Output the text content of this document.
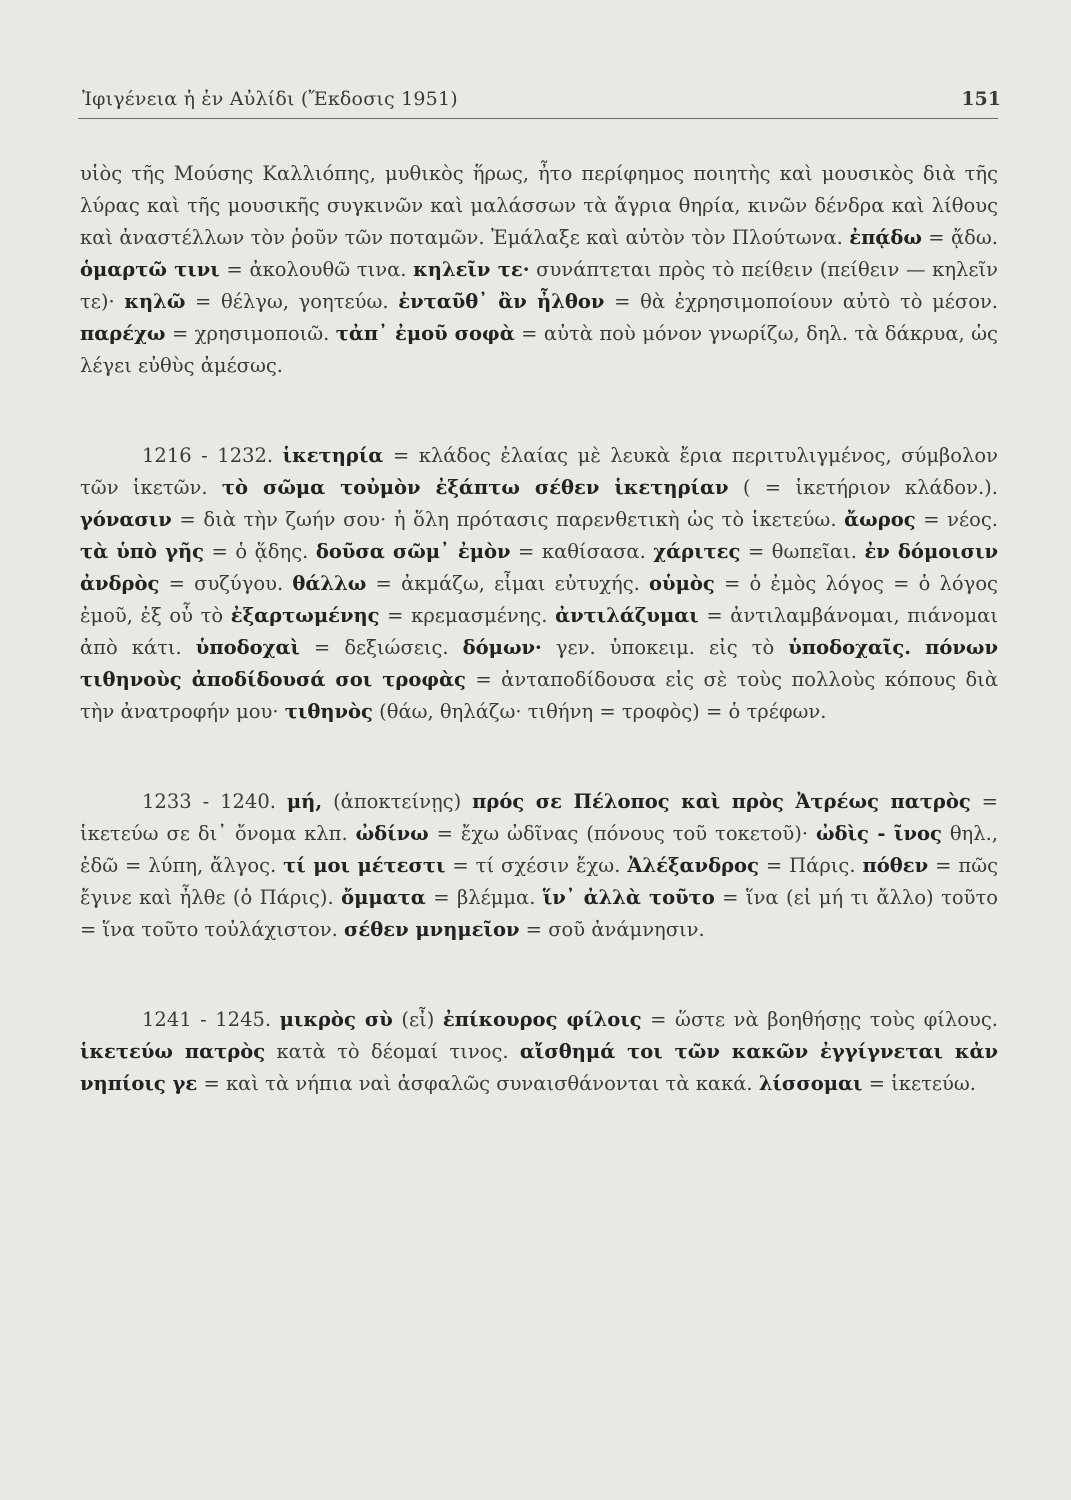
Ἰφιγένεια ἡ ἐν Αὐλίδι (Ἔκδοσις 1951)	151

υἱὸς τῆς Μούσης Καλλιόπης, μυθικὸς ἥρως, ἦτο περίφημος ποιητὴς καὶ μουσικὸς διὰ τῆς λύρας καὶ τῆς μουσικῆς συγκινῶν καὶ μαλάσσων τὰ ἄγρια θηρία, κινῶν δένδρα καὶ λίθους καὶ ἀναστέλλων τὸν ῥοῦν τῶν ποταμῶν. Ἐμάλαξε καὶ αὐτὸν τὸν Πλούτωνα. ἐπᾴδω = ᾄδω. ὁμαρτῶ τινι = ἀκολουθῶ τινα. κηλεῖν τε· συνάπτεται πρὸς τὸ πείθειν (πείθειν — κηλεῖν τε)· κηλῶ = θέλγω, γοητεύω. ἐνταῦθ᾽ ἂν ἦλθον = θὰ ἐχρησιμοποίουν αὐτὸ τὸ μέσον. παρέχω = χρησιμοποιῶ. τἀπ᾽ ἐμοῦ σοφὰ = αὐτὰ ποὺ μόνον γνωρίζω, δηλ. τὰ δάκρυα, ὡς λέγει εὐθὺς ἀμέσως.

1216 - 1232. ἱκετηρία = κλάδος ἐλαίας μὲ λευκὰ ἔρια περιτυλιγμένος, σύμβολον τῶν ἱκετῶν. τὸ σῶμα τοὐμὸν ἐξάπτω σέθεν ἱκετηρίαν ( = ἱκετήριον κλάδον.). γόνασιν = διὰ τὴν ζωήν σου· ἡ ὅλη πρότασις παρενθετικὴ ὡς τὸ ἱκετεύω. ἄωρος = νέος. τὰ ὑπὸ γῆς = ὁ ᾅδης. δοῦσα σῶμ᾽ ἐμὸν = καθίσασα. χάριτες = θωπεῖαι. ἐν δόμοισιν ἀνδρὸς = συζύγου. θάλλω = ἀκμάζω, εἶμαι εὐτυχής. οὑμὸς = ὁ ἐμὸς λόγος = ὁ λόγος ἐμοῦ, ἐξ οὗ τὸ ἐξαρτωμένης = κρεμασμένης. ἀντιλάζυμαι = ἀντιλαμβάνομαι, πιάνομαι ἀπὸ κάτι. ὑποδοχαὶ = δεξιώσεις. δόμων· γεν. ὑποκειμ. εἰς τὸ ὑποδοχαῖς. πόνων τιθηνοὺς ἀποδίδουσά σοι τροφὰς = ἀνταποδίδουσα εἰς σὲ τοὺς πολλοὺς κόπους διὰ τὴν ἀνατροφήν μου· τιθηνὸς (θάω, θηλάζω· τιθήνη = τροφὸς) = ὁ τρέφων.

1233 - 1240. μή, (ἀποκτείνῃς) πρός σε Πέλοπος καὶ πρὸς Ἀτρέως πατρὸς = ἱκετεύω σε δι᾽ ὄνομα κλπ. ὠδίνω = ἔχω ὠδῖνας (πόνους τοῦ τοκετοῦ)· ὠδὶς - ῖνος θηλ., ἐδῶ = λύπη, ἄλγος. τί μοι μέτεστι = τί σχέσιν ἔχω. Ἀλέξανδρος = Πάρις. πόθεν = πῶς ἔγινε καὶ ἦλθε (ὁ Πάρις). ὄμματα = βλέμμα. ἵν᾽ ἀλλὰ τοῦτο = ἵνα (εἰ μή τι ἄλλο) τοῦτο = ἵνα τοῦτο τοὐλάχιστον. σέθεν μνημεῖον = σοῦ ἀνάμνησιν.

1241 - 1245. μικρὸς σὺ (εἶ) ἐπίκουρος φίλοις = ὥστε νὰ βοηθήσῃς τοὺς φίλους. ἱκετεύω πατρὸς κατὰ τὸ δέομαί τινος. αἴσθημά τοι τῶν κακῶν ἐγγίγνεται κἀν νηπίοις γε = καὶ τὰ νήπια ναὶ ἀσφαλῶς συναισθάνονται τὰ κακά. λίσσομαι = ἱκετεύω.
